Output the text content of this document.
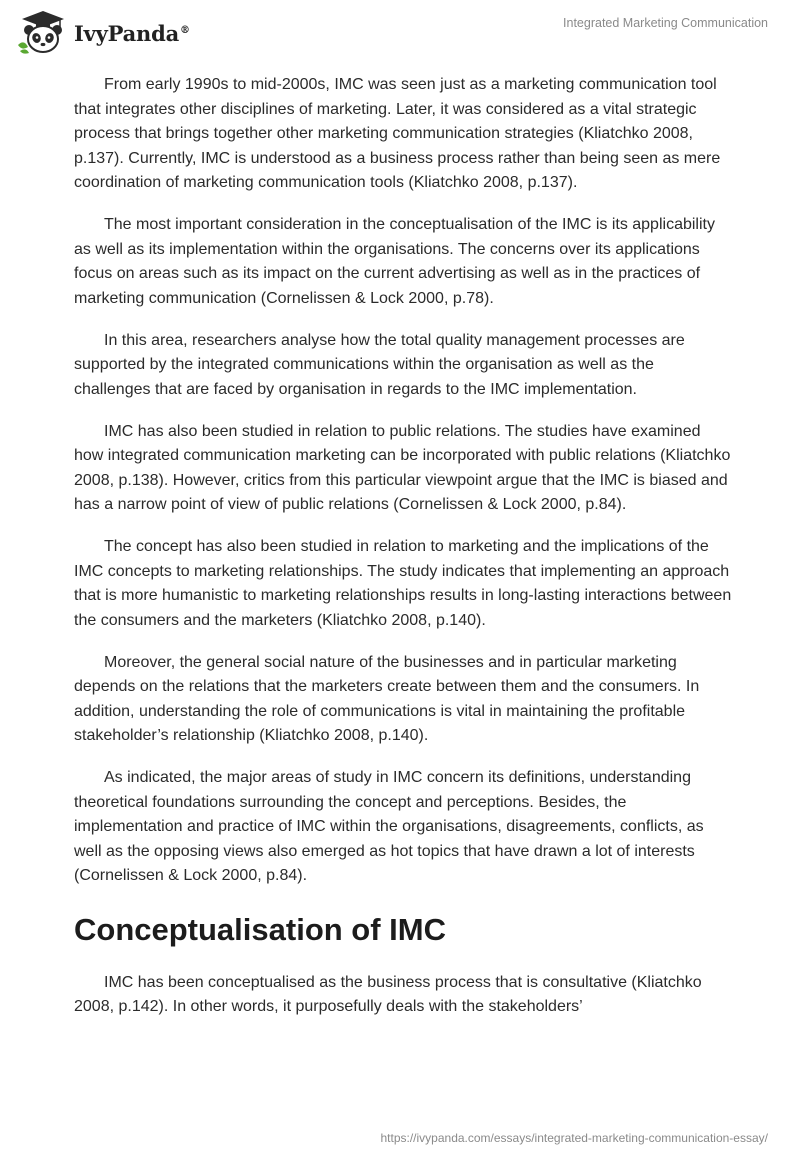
IvyPanda®	Integrated Marketing Communication

From early 1990s to mid-2000s, IMC was seen just as a marketing communication tool that integrates other disciplines of marketing. Later, it was considered as a vital strategic process that brings together other marketing communication strategies (Kliatchko 2008, p.137). Currently, IMC is understood as a business process rather than being seen as mere coordination of marketing communication tools (Kliatchko 2008, p.137).

The most important consideration in the conceptualisation of the IMC is its applicability as well as its implementation within the organisations. The concerns over its applications focus on areas such as its impact on the current advertising as well as in the practices of marketing communication (Cornelissen & Lock 2000, p.78).

In this area, researchers analyse how the total quality management processes are supported by the integrated communications within the organisation as well as the challenges that are faced by organisation in regards to the IMC implementation.

IMC has also been studied in relation to public relations. The studies have examined how integrated communication marketing can be incorporated with public relations (Kliatchko 2008, p.138). However, critics from this particular viewpoint argue that the IMC is biased and has a narrow point of view of public relations (Cornelissen & Lock 2000, p.84).

The concept has also been studied in relation to marketing and the implications of the IMC concepts to marketing relationships. The study indicates that implementing an approach that is more humanistic to marketing relationships results in long-lasting interactions between the consumers and the marketers (Kliatchko 2008, p.140).

Moreover, the general social nature of the businesses and in particular marketing depends on the relations that the marketers create between them and the consumers. In addition, understanding the role of communications is vital in maintaining the profitable stakeholder’s relationship (Kliatchko 2008, p.140).

As indicated, the major areas of study in IMC concern its definitions, understanding theoretical foundations surrounding the concept and perceptions. Besides, the implementation and practice of IMC within the organisations, disagreements, conflicts, as well as the opposing views also emerged as hot topics that have drawn a lot of interests (Cornelissen & Lock 2000, p.84).

Conceptualisation of IMC

IMC has been conceptualised as the business process that is consultative (Kliatchko 2008, p.142). In other words, it purposefully deals with the stakeholders’

https://ivypanda.com/essays/integrated-marketing-communication-essay/
